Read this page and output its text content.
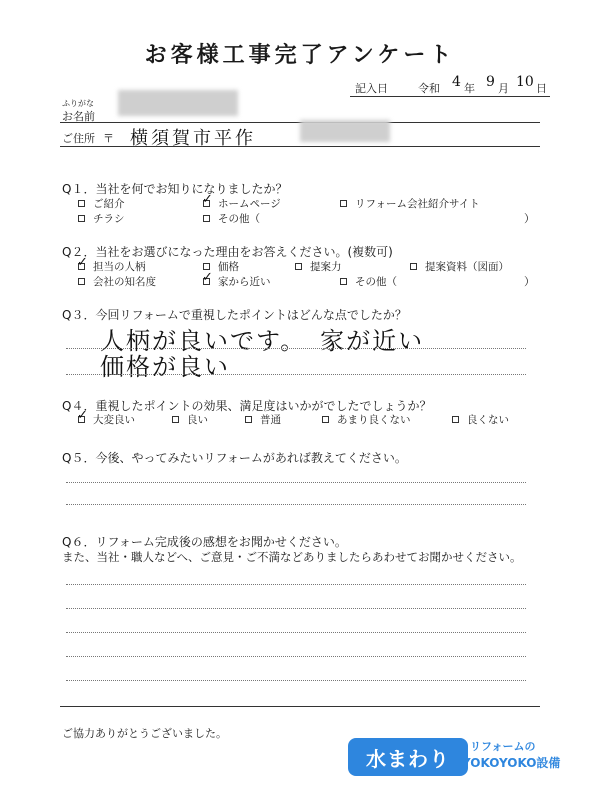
お客様工事完了アンケート
記入日	令和 4 年 9 月 10 日
ふりがな
お名前
ご住所 〒 横須賀市平作
Q１．当社を何でお知りになりましたか？
ご紹介 ✓	ホームページ	リフォーム会社紹介サイト
チラシ	その他（	）
Q２．当社をお選びになった理由をお答えください。(複数可)
✓
担当の人柄	価格	提案力	提案資料（図面）
会社の知名度 ✓	家から近い	その他（	）
Q３．今回リフォームで重視したポイントはどんな点でしたか？
人柄が良いです。　家が近い
価格が良い
Q４．重視したポイントの効果、満足度はいかがでしたでしょうか？
✓
大変良い	良い	普通	あまり良くない	良くない
Q５．今後、やってみたいリフォームがあれば教えてください。
Q６．リフォーム完成後の感想をお聞かせください。
また、当社・職人などへ、ご意見・ご不満などありましたらあわせてお聞かせください。
ご協力ありがとうございました。
水まわり	リフォームの
YOKOYOKO設備
